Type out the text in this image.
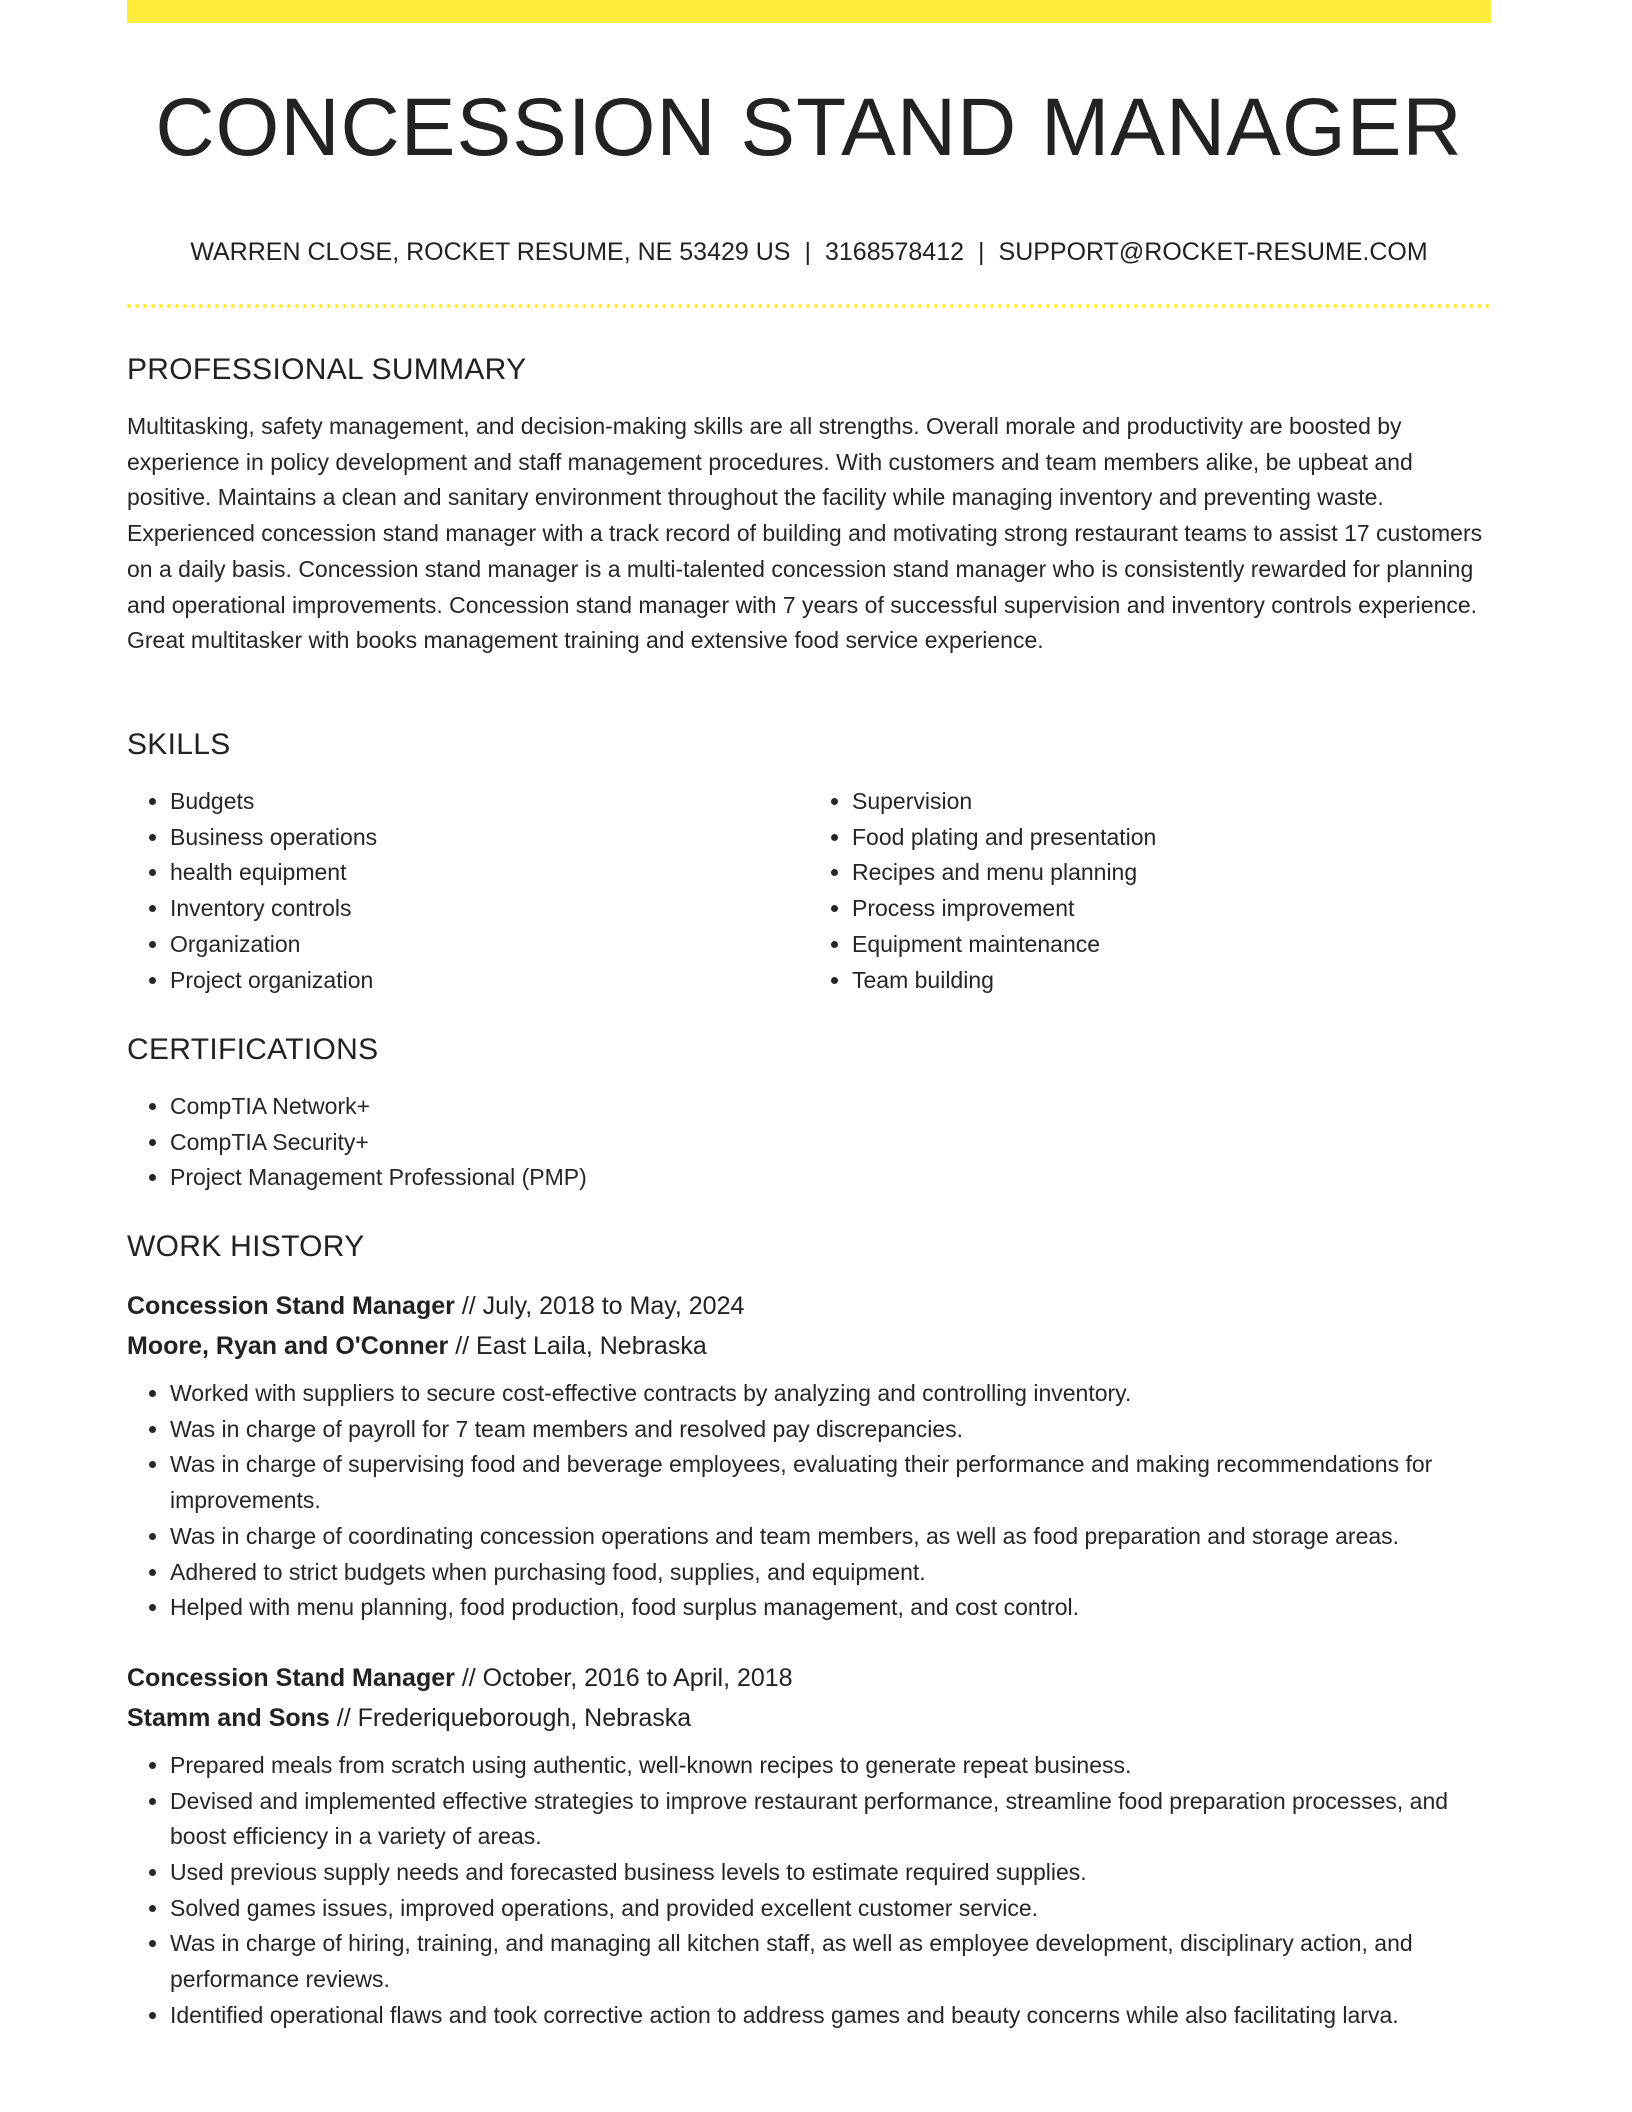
CONCESSION STAND MANAGER
WARREN CLOSE, ROCKET RESUME, NE 53429 US | 3168578412 | SUPPORT@ROCKET-RESUME.COM
PROFESSIONAL SUMMARY

Multitasking, safety management, and decision-making skills are all strengths. Overall morale and productivity are boosted by experience in policy development and staff management procedures. With customers and team members alike, be upbeat and positive. Maintains a clean and sanitary environment throughout the facility while managing inventory and preventing waste. Experienced concession stand manager with a track record of building and motivating strong restaurant teams to assist 17 customers on a daily basis. Concession stand manager is a multi-talented concession stand manager who is consistently rewarded for planning and operational improvements. Concession stand manager with 7 years of successful supervision and inventory controls experience. Great multitasker with books management training and extensive food service experience.

SKILLS
• Budgets
• Business operations
• health equipment
• Inventory controls
• Organization
• Project organization
• Supervision
• Food plating and presentation
• Recipes and menu planning
• Process improvement
• Equipment maintenance
• Team building
CERTIFICATIONS
• CompTIA Network+
• CompTIA Security+
• Project Management Professional (PMP)
WORK HISTORY
Concession Stand Manager // July, 2018 to May, 2024
Moore, Ryan and O'Conner // East Laila, Nebraska
• Worked with suppliers to secure cost-effective contracts by analyzing and controlling inventory.
• Was in charge of payroll for 7 team members and resolved pay discrepancies.
• Was in charge of supervising food and beverage employees, evaluating their performance and making recommendations for improvements.
• Was in charge of coordinating concession operations and team members, as well as food preparation and storage areas.
• Adhered to strict budgets when purchasing food, supplies, and equipment.
• Helped with menu planning, food production, food surplus management, and cost control.
Concession Stand Manager // October, 2016 to April, 2018
Stamm and Sons // Frederiqueborough, Nebraska
• Prepared meals from scratch using authentic, well-known recipes to generate repeat business.
• Devised and implemented effective strategies to improve restaurant performance, streamline food preparation processes, and boost efficiency in a variety of areas.
• Used previous supply needs and forecasted business levels to estimate required supplies.
• Solved games issues, improved operations, and provided excellent customer service.
• Was in charge of hiring, training, and managing all kitchen staff, as well as employee development, disciplinary action, and performance reviews.
• Identified operational flaws and took corrective action to address games and beauty concerns while also facilitating larva.
